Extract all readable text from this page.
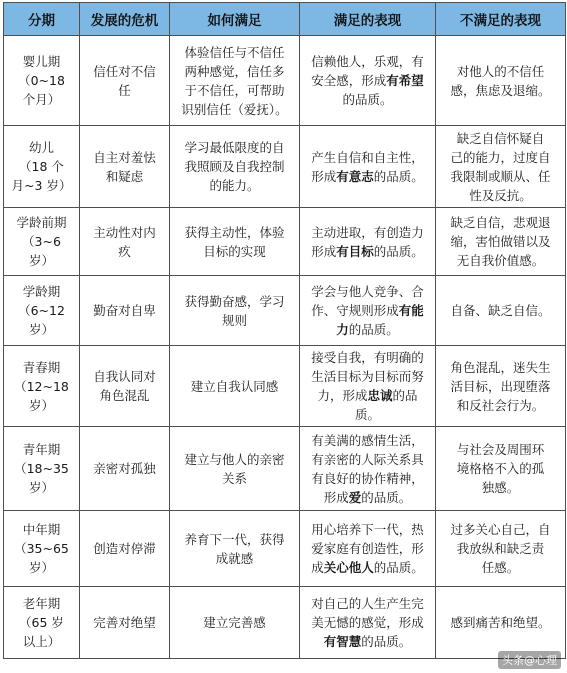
分期	发展的危机	如何满足	满足的表现	不满足的表现
婴儿期
（0~18
个月）	信任对不信
任	体验信任与不信任
两种感觉，信任多
于不信任，可帮助
识别信任（爱抚）。	信赖他人，乐观，有
安全感，形成有希望
的品质。	对他人的不信任
感，焦虑及退缩。
幼儿
（18 个
月~3 岁）	自主对羞怯
和疑虑	学习最低限度的自
我照顾及自我控制
的能力。	产生自信和自主性，
形成有意志的品质。	缺乏自信怀疑自
己的能力，过度自
我限制或顺从、任
性及反抗。
学龄前期
（3~6
岁）	主动性对内
疚	获得主动性，体验
目标的实现	主动进取，有创造力
形成有目标的品质。	缺乏自信，悲观退
缩，害怕做错以及
无自我价值感。
学龄期
（6~12
岁）	勤奋对自卑	获得勤奋感，学习
规则	学会与他人竞争、合
作、守规则形成有能
力的品质。	自备、缺乏自信。
青春期
（12~18
岁）	自我认同对
角色混乱	建立自我认同感	接受自我，有明确的
生活目标为目标而努
力，形成忠诚的品质。	角色混乱，迷失生
活目标，出现堕落
和反社会行为。
青年期
（18~35
岁）	亲密对孤独	建立与他人的亲密
关系	有美满的感情生活，
有亲密的人际关系具
有良好的协作精神，
形成爱的品质。	与社会及周围环
境格格不入的孤
独感。
中年期
（35~65
岁）	创造对停滞	养育下一代，获得
成就感	用心培养下一代，热
爱家庭有创造性，形
成关心他人的品质。	过多关心自己，自
我放纵和缺乏责
任感。
老年期
（65 岁
以上）	完善对绝望	建立完善感	对自己的人生产生完
美无憾的感觉，形成
有智慧的品质。	感到痛苦和绝望。
头条@心理
